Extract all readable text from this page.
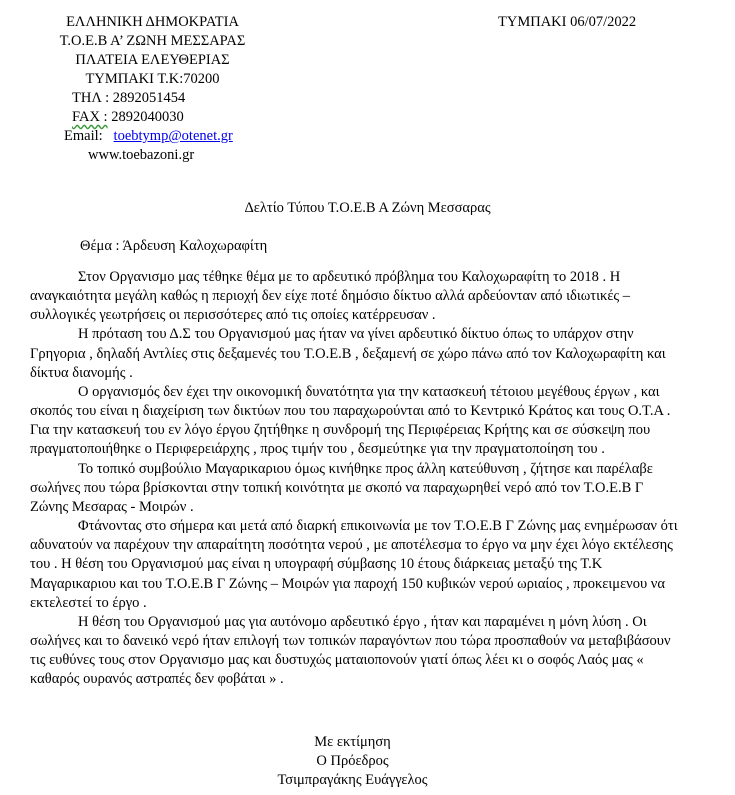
ΕΛΛΗΝΙΚΗ ΔΗΜΟΚΡΑΤΙΑ
Τ.Ο.Ε.Β Α’ ΖΩΝΗ ΜΕΣΣΑΡΑΣ
ΠΛΑΤΕΙΑ ΕΛΕΥΘΕΡΙΑΣ
ΤΥΜΠΑΚΙ Τ.Κ:70200
ΤΗΛ : 2892051454
FAX : 2892040030
Email: toebtymp@otenet.gr
www.toebazoni.gr
ΤΥΜΠΑΚΙ 06/07/2022
Δελτίο Τύπου Τ.Ο.Ε.Β Α Ζώνη Μεσσαρας
Θέμα : Άρδευση Καλοχωραφίτη

Στον Οργανισμο μας τέθηκε θέμα με το αρδευτικό πρόβλημα του Καλοχωραφίτη το 2018 . Η αναγκαιότητα μεγάλη καθώς η περιοχή δεν είχε ποτέ δημόσιο δίκτυο αλλά αρδεύονταν από ιδιωτικές – συλλογικές γεωτρήσεις οι περισσότερες από τις οποίες κατέρρευσαν .

Η πρόταση του Δ.Σ του Οργανισμού μας ήταν να γίνει αρδευτικό δίκτυο όπως το υπάρχον στην Γρηγορια , δηλαδή Αντλίες στις δεξαμενές του Τ.Ο.Ε.Β , δεξαμενή σε χώρο πάνω από τον Καλοχωραφίτη και δίκτυα διανομής .

Ο οργανισμός δεν έχει την οικονομική δυνατότητα για την κατασκευή τέτοιου μεγέθους έργων , και σκοπός του είναι η διαχείριση των δικτύων που του παραχωρούνται από το Κεντρικό Κράτος και τους Ο.Τ.Α . Για την κατασκευή του εν λόγο έργου ζητήθηκε η συνδρομή της Περιφέρειας Κρήτης και σε σύσκεψη που πραγματοποιήθηκε ο Περιφερειάρχης , προς τιμήν του , δεσμεύτηκε για την πραγματοποίηση του .

Το τοπικό συμβούλιο Μαγαρικαριου όμως κινήθηκε προς άλλη κατεύθυνση , ζήτησε και παρέλαβε σωλήνες που τώρα βρίσκονται στην τοπική κοινότητα με σκοπό να παραχωρηθεί νερό από τον Τ.Ο.Ε.Β Γ Ζώνης Μεσαρας - Μοιρών .

Φτάνοντας στο σήμερα και μετά από διαρκή επικοινωνία με τον Τ.Ο.Ε.Β Γ Ζώνης μας ενημέρωσαν ότι αδυνατούν να παρέχουν την απαραίτητη ποσότητα νερού , με αποτέλεσμα το έργο να μην έχει λόγο εκτέλεσης του . Η θέση του Οργανισμού μας είναι η υπογραφή σύμβασης 10 έτους διάρκειας μεταξύ της Τ.Κ Μαγαρικαριου και του Τ.Ο.Ε.Β Γ Ζώνης – Μοιρών για παροχή 150 κυβικών νερού ωριαίος , προκειμενου να εκτελεστεί το έργο .

Η θέση του Οργανισμού μας για αυτόνομο αρδευτικό έργο , ήταν και παραμένει η μόνη λύση . Οι σωλήνες και το δανεικό νερό ήταν επιλογή των τοπικών παραγόντων που τώρα προσπαθούν να μεταβιβάσουν τις ευθύνες τους στον Οργανισμο μας και δυστυχώς ματαιοπονούν γιατί όπως λέει κι ο σοφός Λαός μας « καθαρός ουρανός αστραπές δεν φοβάται » .

Με εκτίμηση
Ο Πρόεδρος
Τσιμπραγάκης Ευάγγελος
